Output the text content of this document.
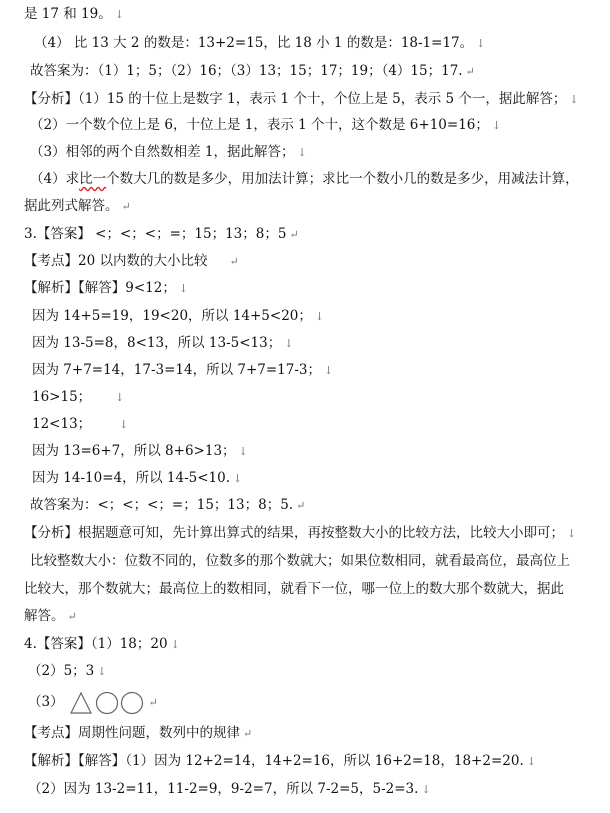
是 17 和 19。 ↓
（4） 比 13 大 2 的数是：13+2=15，比 18 小 1 的数是：18-1=17。 ↓
故答案为：（1）1；5；（2）16；（3）13；15；17；19；（4）15；17. ↵
【分析】（1）15 的十位上是数字 1，表示 1 个十，个位上是 5，表示 5 个一，据此解答； ↓
（2）一个数个位上是 6，十位上是 1，表示 1 个十，这个数是 6+10=16； ↓
（3）相邻的两个自然数相差 1，据此解答； ↓
（4）求比一个数大几的数是多少，用加法计算；求比一个数小几的数是多少，用减法计算，
据此列式解答。 ↵
3.【答案】 <；<；<；=；15；13；8；5 ↵
【考点】20 以内数的大小比较 ↵
【解析】【解答】9<12； ↓
因为 14+5=19，19<20，所以 14+5<20； ↓
因为 13-5=8，8<13，所以 13-5<13； ↓
因为 7+7=14，17-3=14，所以 7+7=17-3； ↓
16>15； ↓
12<13；	↓
因为 13=6+7，所以 8+6>13； ↓
因为 14-10=4，所以 14-5<10. ↓
故答案为：<；<；<；=；15；13；8；5. ↵
【分析】根据题意可知，先计算出算式的结果，再按整数大小的比较方法，比较大小即可； ↓
比较整数大小：位数不同的，位数多的那个数就大；如果位数相同，就看最高位，最高位上
比较大，那个数就大；最高位上的数相同，就看下一位，哪一位上的数大那个数就大，据此
解答。 ↵
4.【答案】（1）18；20 ↓
（2）5；3 ↓
（3）	↵
【考点】周期性问题，数列中的规律 ↵
【解析】【解答】（1）因为 12+2=14，14+2=16，所以 16+2=18，18+2=20. ↓
（2）因为 13-2=11，11-2=9，9-2=7，所以 7-2=5，5-2=3. ↓
